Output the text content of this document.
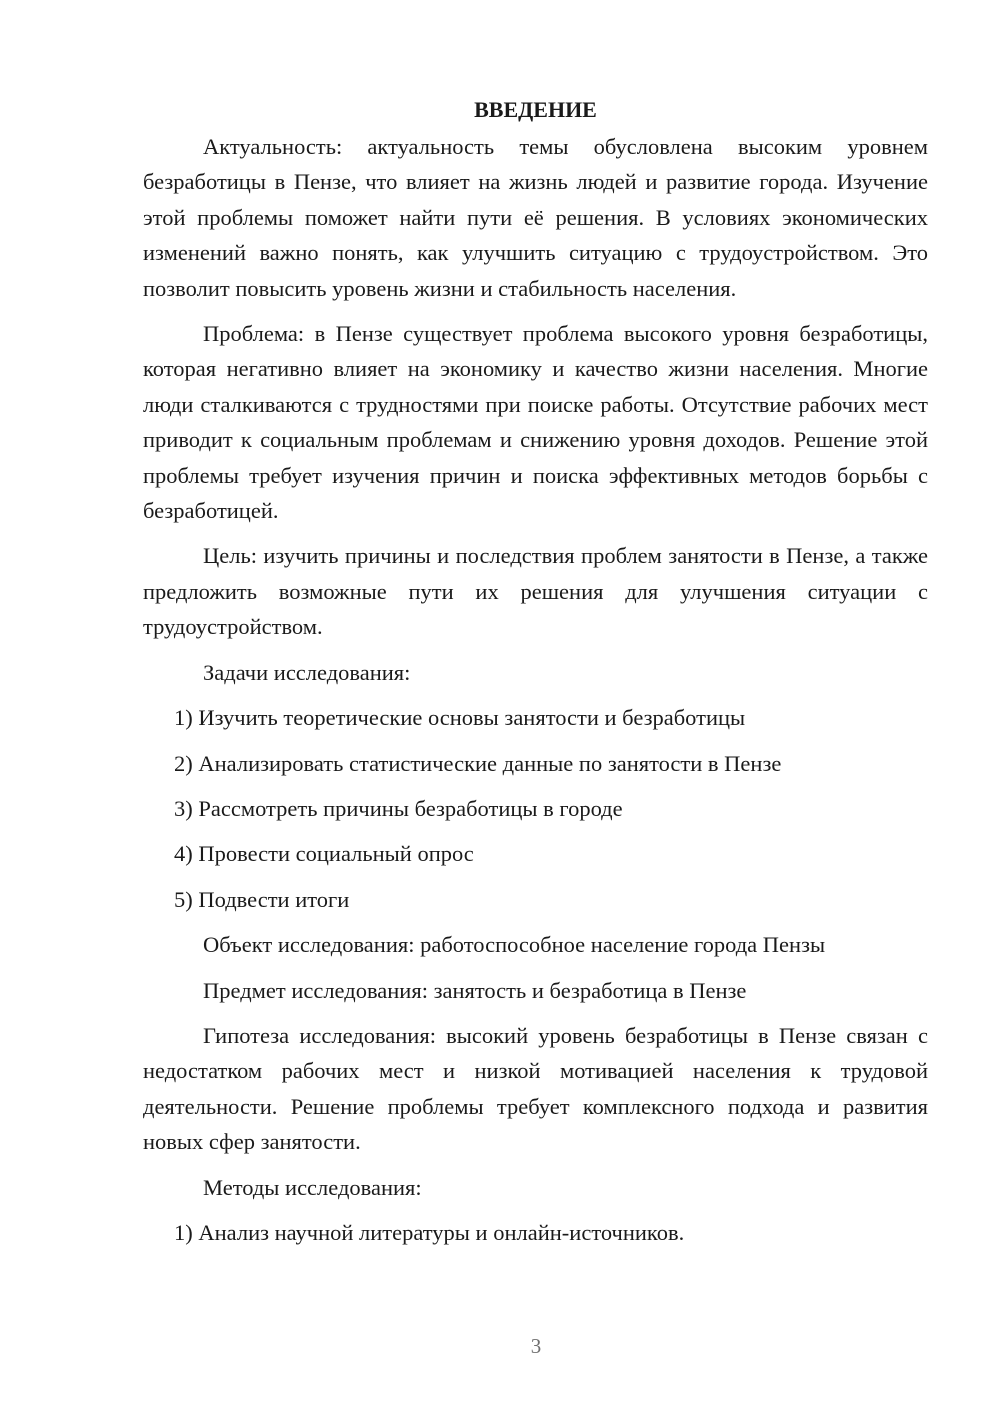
ВВЕДЕНИЕ

Актуальность: актуальность темы обусловлена высоким уровнем безработицы в Пензе, что влияет на жизнь людей и развитие города. Изучение этой проблемы поможет найти пути её решения. В условиях экономических изменений важно понять, как улучшить ситуацию с трудоустройством. Это позволит повысить уровень жизни и стабильность населения.

Проблема: в Пензе существует проблема высокого уровня безработицы, которая негативно влияет на экономику и качество жизни населения. Многие люди сталкиваются с трудностями при поиске работы. Отсутствие рабочих мест приводит к социальным проблемам и снижению уровня доходов. Решение этой проблемы требует изучения причин и поиска эффективных методов борьбы с безработицей.

Цель: изучить причины и последствия проблем занятости в Пензе, а также предложить возможные пути их решения для улучшения ситуации с трудоустройством.

Задачи исследования:

1) Изучить теоретические основы занятости и безработицы
2) Анализировать статистические данные по занятости в Пензе
3) Рассмотреть причины безработицы в городе
4) Провести социальный опрос
5) Подвести итоги

Объект исследования: работоспособное население города Пензы

Предмет исследования: занятость и безработица в Пензе

Гипотеза исследования: высокий уровень безработицы в Пензе связан с недостатком рабочих мест и низкой мотивацией населения к трудовой деятельности. Решение проблемы требует комплексного подхода и развития новых сфер занятости.

Методы исследования:

1) Анализ научной литературы и онлайн-источников.
3
